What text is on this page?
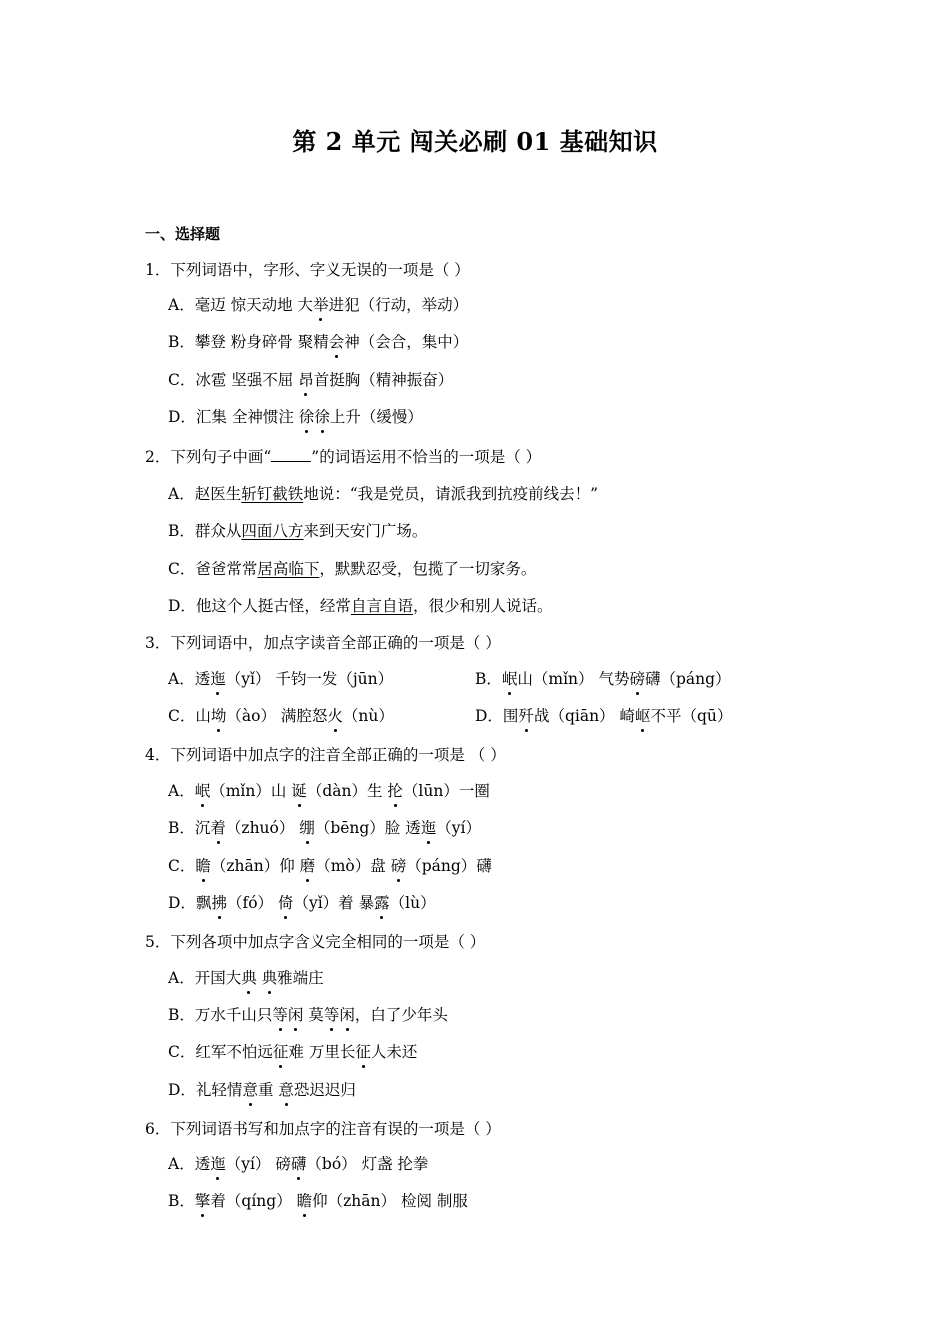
第 2 单元 闯关必刷 01 基础知识
一、选择题
1．下列词语中，字形、字义无误的一项是（ ）
A．毫迈 惊天动地 大举进犯（行动，举动）
B．攀登 粉身碎骨 聚精会神（会合，集中）
C．冰雹 坚强不屈 昂首挺胸（精神振奋）
D．汇集 全神惯注 徐徐上升（缓慢）
2．下列句子中画“	”的词语运用不恰当的一项是（ ）
A．赵医生斩钉截铁地说：“我是党员，请派我到抗疫前线去！”
B．群众从四面八方来到天安门广场。
C．爸爸常常居高临下，默默忍受，包揽了一切家务。
D．他这个人挺古怪，经常自言自语，很少和别人说话。
3．下列词语中，加点字读音全部正确的一项是（ ）
A．透迤（yǐ） 千钧一发（jūn）	B．岷山（mǐn） 气势磅礴（páng）
C．山坳（ào） 满腔怒火（nù）	D．围歼战（qiān） 崎岖不平（qū）
4．下列词语中加点字的注音全部正确的一项是 （ ）
A．岷（mǐn）山 诞（dàn）生 抡（lūn）一圈
B．沉着（zhuó） 绷（bēng）脸 透迤（yí）
C．瞻（zhān）仰 磨（mò）盘 磅（páng）礴
D．飘拂（fó） 倚（yǐ）着 暴露（lù）
5．下列各项中加点字含义完全相同的一项是（ ）
A．开国大典 典雅端庄
B．万水千山只等闲 莫等闲，白了少年头
C．红军不怕远征难 万里长征人未还
D．礼轻情意重 意恐迟迟归
6．下列词语书写和加点字的注音有误的一项是（ ）
A．透迤（yí） 磅礴（bó） 灯盏 抡拳
B．擎着（qíng） 瞻仰（zhān） 检阅 制服
